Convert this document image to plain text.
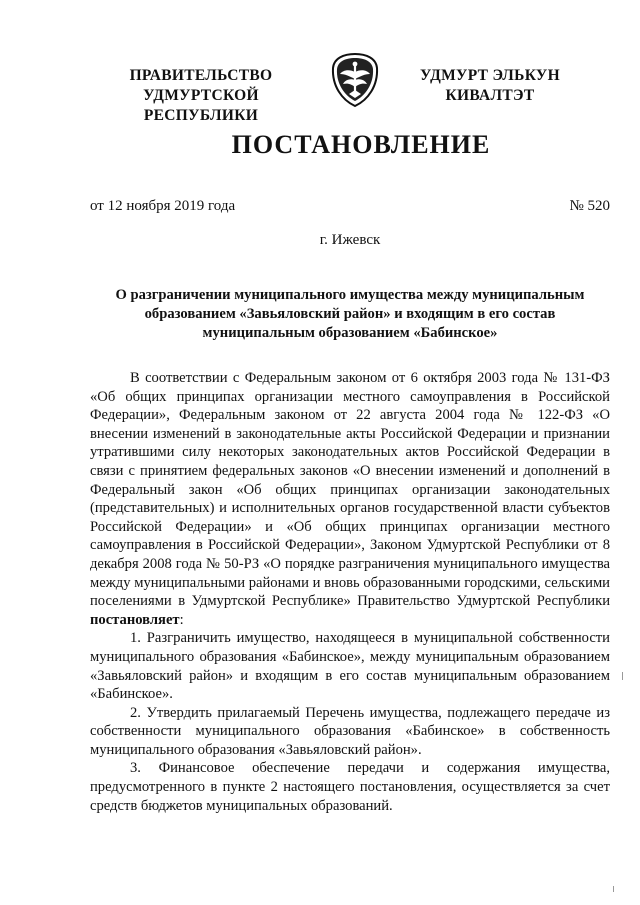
ПРАВИТЕЛЬСТВО
УДМУРТСКОЙ РЕСПУБЛИКИ
УДМУРТ ЭЛЬКУН
КИВАЛТЭТ
ПОСТАНОВЛЕНИЕ
от 12 ноября 2019 года	№ 520
г. Ижевск
О разграничении муниципального имущества между муниципальным
образованием «Завьяловский район» и входящим в его состав
муниципальным образованием «Бабинское»

В соответствии с Федеральным законом от 6 октября 2003 года № 131-ФЗ «Об общих принципах организации местного самоуправления в Российской Федерации», Федеральным законом от 22 августа 2004 года № 122-ФЗ «О внесении изменений в законодательные акты Российской Федерации и признании утратившими силу некоторых законодательных актов Российской Федерации в связи с принятием федеральных законов «О внесении изменений и дополнений в Федеральный закон «Об общих принципах организации законодательных (представительных) и исполнительных органов государственной власти субъектов Российской Федерации» и «Об общих принципах организации местного самоуправления в Российской Федерации», Законом Удмуртской Республики от 8 декабря 2008 года № 50-РЗ «О порядке разграничения муниципального имущества между муниципальными районами и вновь образованными городскими, сельскими поселениями в Удмуртской Республике» Правительство Удмуртской Республики постановляет:

1. Разграничить имущество, находящееся в муниципальной собственности муниципального образования «Бабинское», между муниципальным образованием «Завьяловский район» и входящим в его состав муниципальным образованием «Бабинское».

2. Утвердить прилагаемый Перечень имущества, подлежащего передаче из собственности муниципального образования «Бабинское» в собственность муниципального образования «Завьяловский район».

3. Финансовое обеспечение передачи и содержания имущества, предусмотренного в пункте 2 настоящего постановления, осуществляется за счет средств бюджетов муниципальных образований.
